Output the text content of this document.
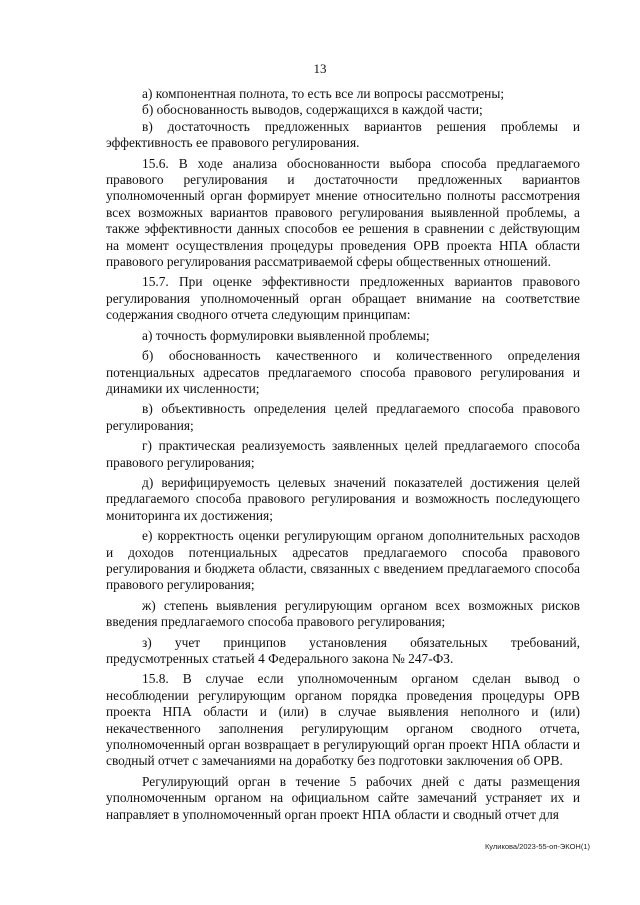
13

а) компонентная полнота, то есть все ли вопросы рассмотрены;

б) обоснованность выводов, содержащихся в каждой части;

в) достаточность предложенных вариантов решения проблемы и эффективность ее правового регулирования.

15.6. В ходе анализа обоснованности выбора способа предлагаемого правового регулирования и достаточности предложенных вариантов уполномоченный орган формирует мнение относительно полноты рассмотрения всех возможных вариантов правового регулирования выявленной проблемы, а также эффективности данных способов ее решения в сравнении с действующим на момент осуществления процедуры проведения ОРВ проекта НПА области правового регулирования рассматриваемой сферы общественных отношений.

15.7. При оценке эффективности предложенных вариантов правового регулирования уполномоченный орган обращает внимание на соответствие содержания сводного отчета следующим принципам:

а) точность формулировки выявленной проблемы;

б) обоснованность качественного и количественного определения потенциальных адресатов предлагаемого способа правового регулирования и динамики их численности;

в) объективность определения целей предлагаемого способа правового регулирования;

г) практическая реализуемость заявленных целей предлагаемого способа правового регулирования;

д) верифицируемость целевых значений показателей достижения целей предлагаемого способа правового регулирования и возможность последующего мониторинга их достижения;

е) корректность оценки регулирующим органом дополнительных расходов и доходов потенциальных адресатов предлагаемого способа правового регулирования и бюджета области, связанных с введением предлагаемого способа правового регулирования;

ж) степень выявления регулирующим органом всех возможных рисков введения предлагаемого способа правового регулирования;

з) учет принципов установления обязательных требований, предусмотренных статьей 4 Федерального закона № 247-ФЗ.

15.8. В случае если уполномоченным органом сделан вывод о несоблюдении регулирующим органом порядка проведения процедуры ОРВ проекта НПА области и (или) в случае выявления неполного и (или) некачественного заполнения регулирующим органом сводного отчета, уполномоченный орган возвращает в регулирующий орган проект НПА области и сводный отчет с замечаниями на доработку без подготовки заключения об ОРВ.

Регулирующий орган в течение 5 рабочих дней с даты размещения уполномоченным органом на официальном сайте замечаний устраняет их и направляет в уполномоченный орган проект НПА области и сводный отчет для

Куликова/2023-55-оп-ЭКОН(1)
